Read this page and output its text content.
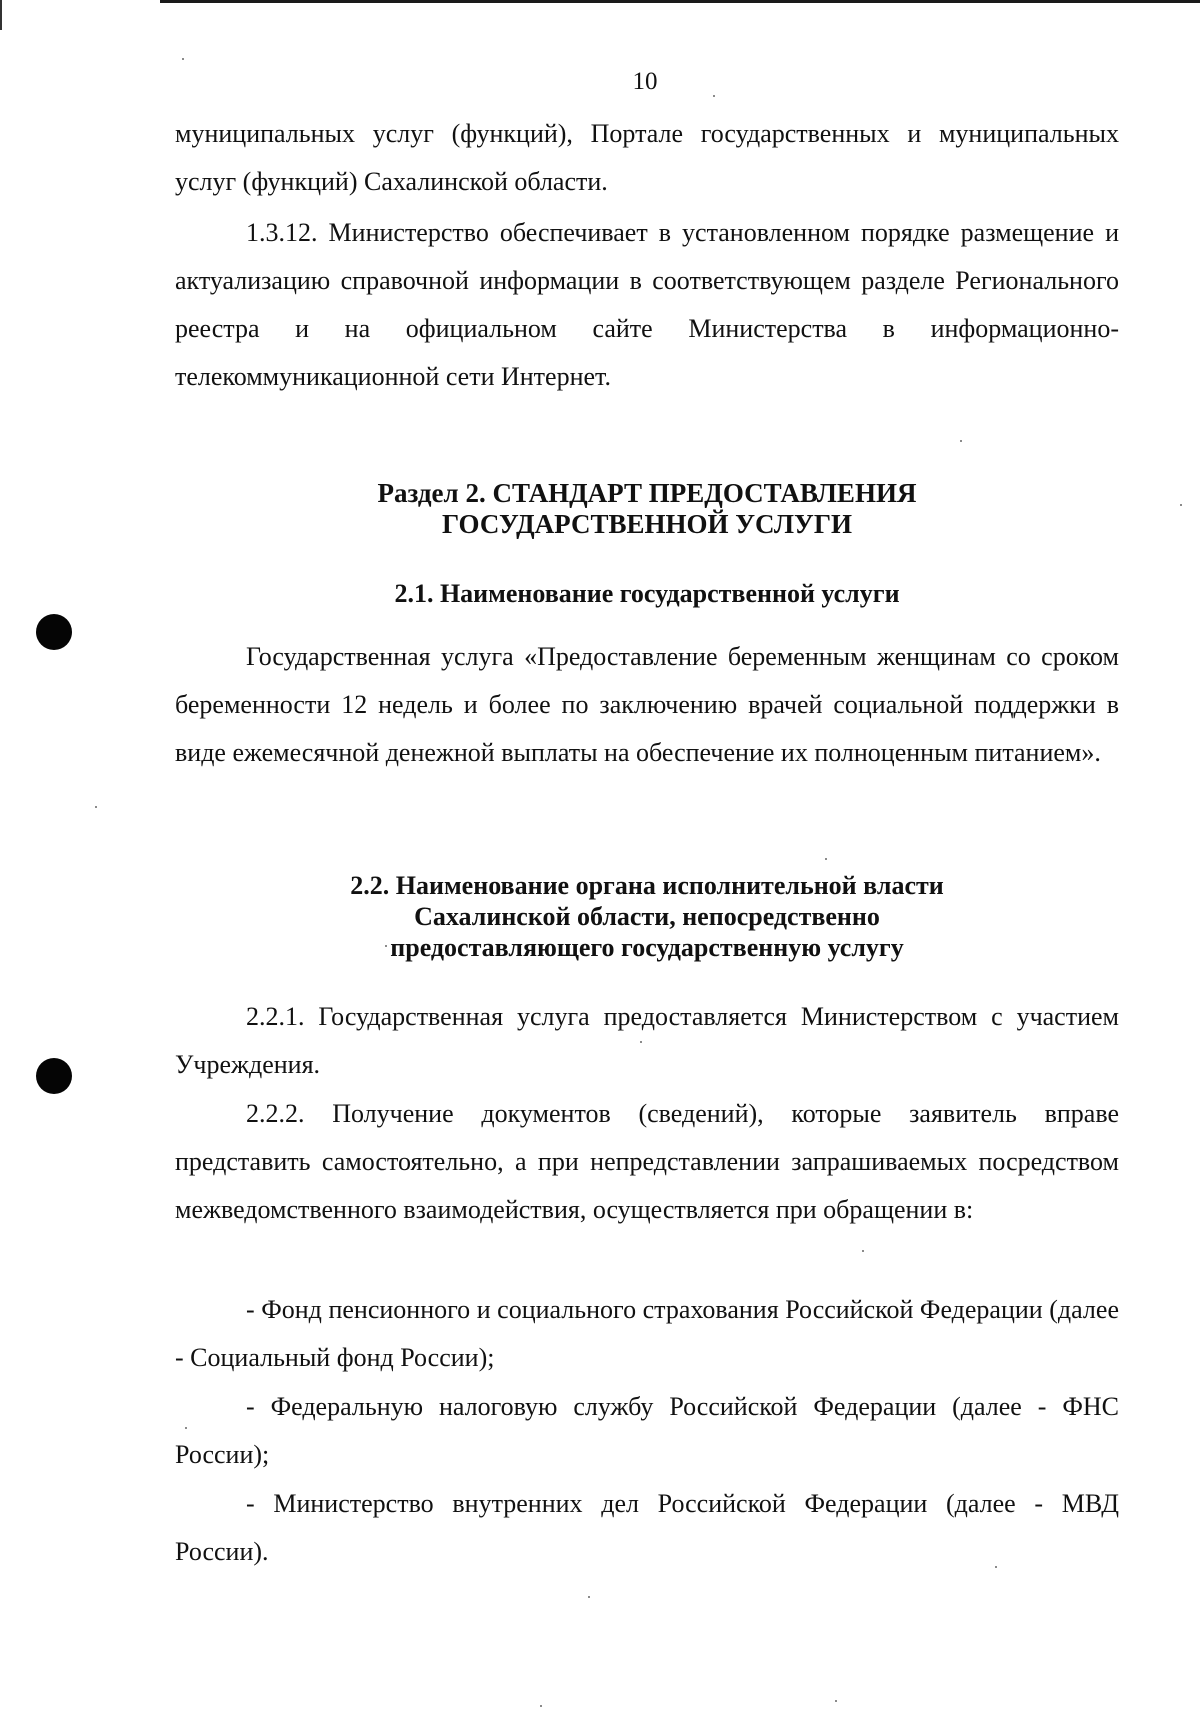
10

муниципальных услуг (функций), Портале государственных и муниципальных услуг (функций) Сахалинской области.

1.3.12. Министерство обеспечивает в установленном порядке размещение и актуализацию справочной информации в соответствующем разделе Регионального реестра и на официальном сайте Министерства в информационно-телекоммуникационной сети Интернет.

Раздел 2. СТАНДАРТ ПРЕДОСТАВЛЕНИЯ
ГОСУДАРСТВЕННОЙ УСЛУГИ
2.1. Наименование государственной услуги

Государственная услуга «Предоставление беременным женщинам со сроком беременности 12 недель и более по заключению врачей социальной поддержки в виде ежемесячной денежной выплаты на обеспечение их полноценным питанием».

2.2. Наименование органа исполнительной власти
Сахалинской области, непосредственно
предоставляющего государственную услугу

2.2.1. Государственная услуга предоставляется Министерством с участием Учреждения.

2.2.2. Получение документов (сведений), которые заявитель вправе представить самостоятельно, а при непредставлении запрашиваемых посредством межведомственного взаимодействия, осуществляется при обращении в:

- Фонд пенсионного и социального страхования Российской Федерации (далее - Социальный фонд России);

- Федеральную налоговую службу Российской Федерации (далее - ФНС России);

- Министерство внутренних дел Российской Федерации (далее - МВД России).
